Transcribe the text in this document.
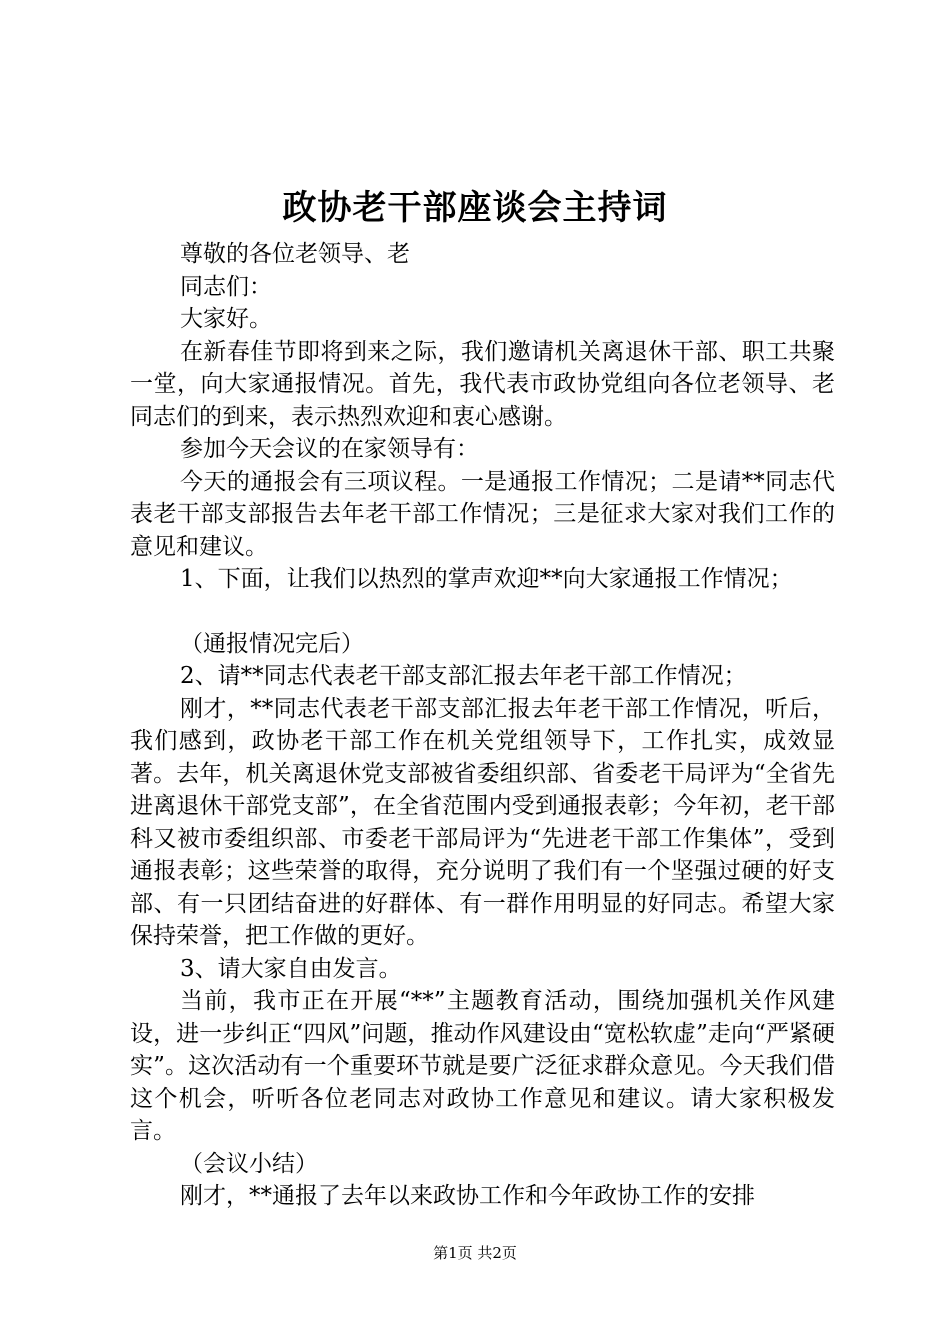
政协老干部座谈会主持词

尊敬的各位老领导、老

同志们：

大家好。

在新春佳节即将到来之际，我们邀请机关离退休干部、职工共聚一堂，向大家通报情况。首先，我代表市政协党组向各位老领导、老同志们的到来，表示热烈欢迎和衷心感谢。

参加今天会议的在家领导有：

今天的通报会有三项议程。一是通报工作情况；二是请**同志代表老干部支部报告去年老干部工作情况；三是征求大家对我们工作的意见和建议。

1、下面，让我们以热烈的掌声欢迎**向大家通报工作情况；

（通报情况完后）

2、请**同志代表老干部支部汇报去年老干部工作情况；

刚才，**同志代表老干部支部汇报去年老干部工作情况，听后，我们感到，政协老干部工作在机关党组领导下，工作扎实，成效显著。去年，机关离退休党支部被省委组织部、省委老干局评为“全省先进离退休干部党支部”，在全省范围内受到通报表彰；今年初，老干部科又被市委组织部、市委老干部局评为“先进老干部工作集体”，受到通报表彰；这些荣誉的取得，充分说明了我们有一个坚强过硬的好支部、有一只团结奋进的好群体、有一群作用明显的好同志。希望大家保持荣誉，把工作做的更好。

3、请大家自由发言。

当前，我市正在开展“**”主题教育活动，围绕加强机关作风建设，进一步纠正“四风”问题，推动作风建设由“宽松软虚”走向“严紧硬实”。这次活动有一个重要环节就是要广泛征求群众意见。今天我们借这个机会，听听各位老同志对政协工作意见和建议。请大家积极发言。

（会议小结）

刚才，**通报了去年以来政协工作和今年政协工作的安排

第1页 共2页
